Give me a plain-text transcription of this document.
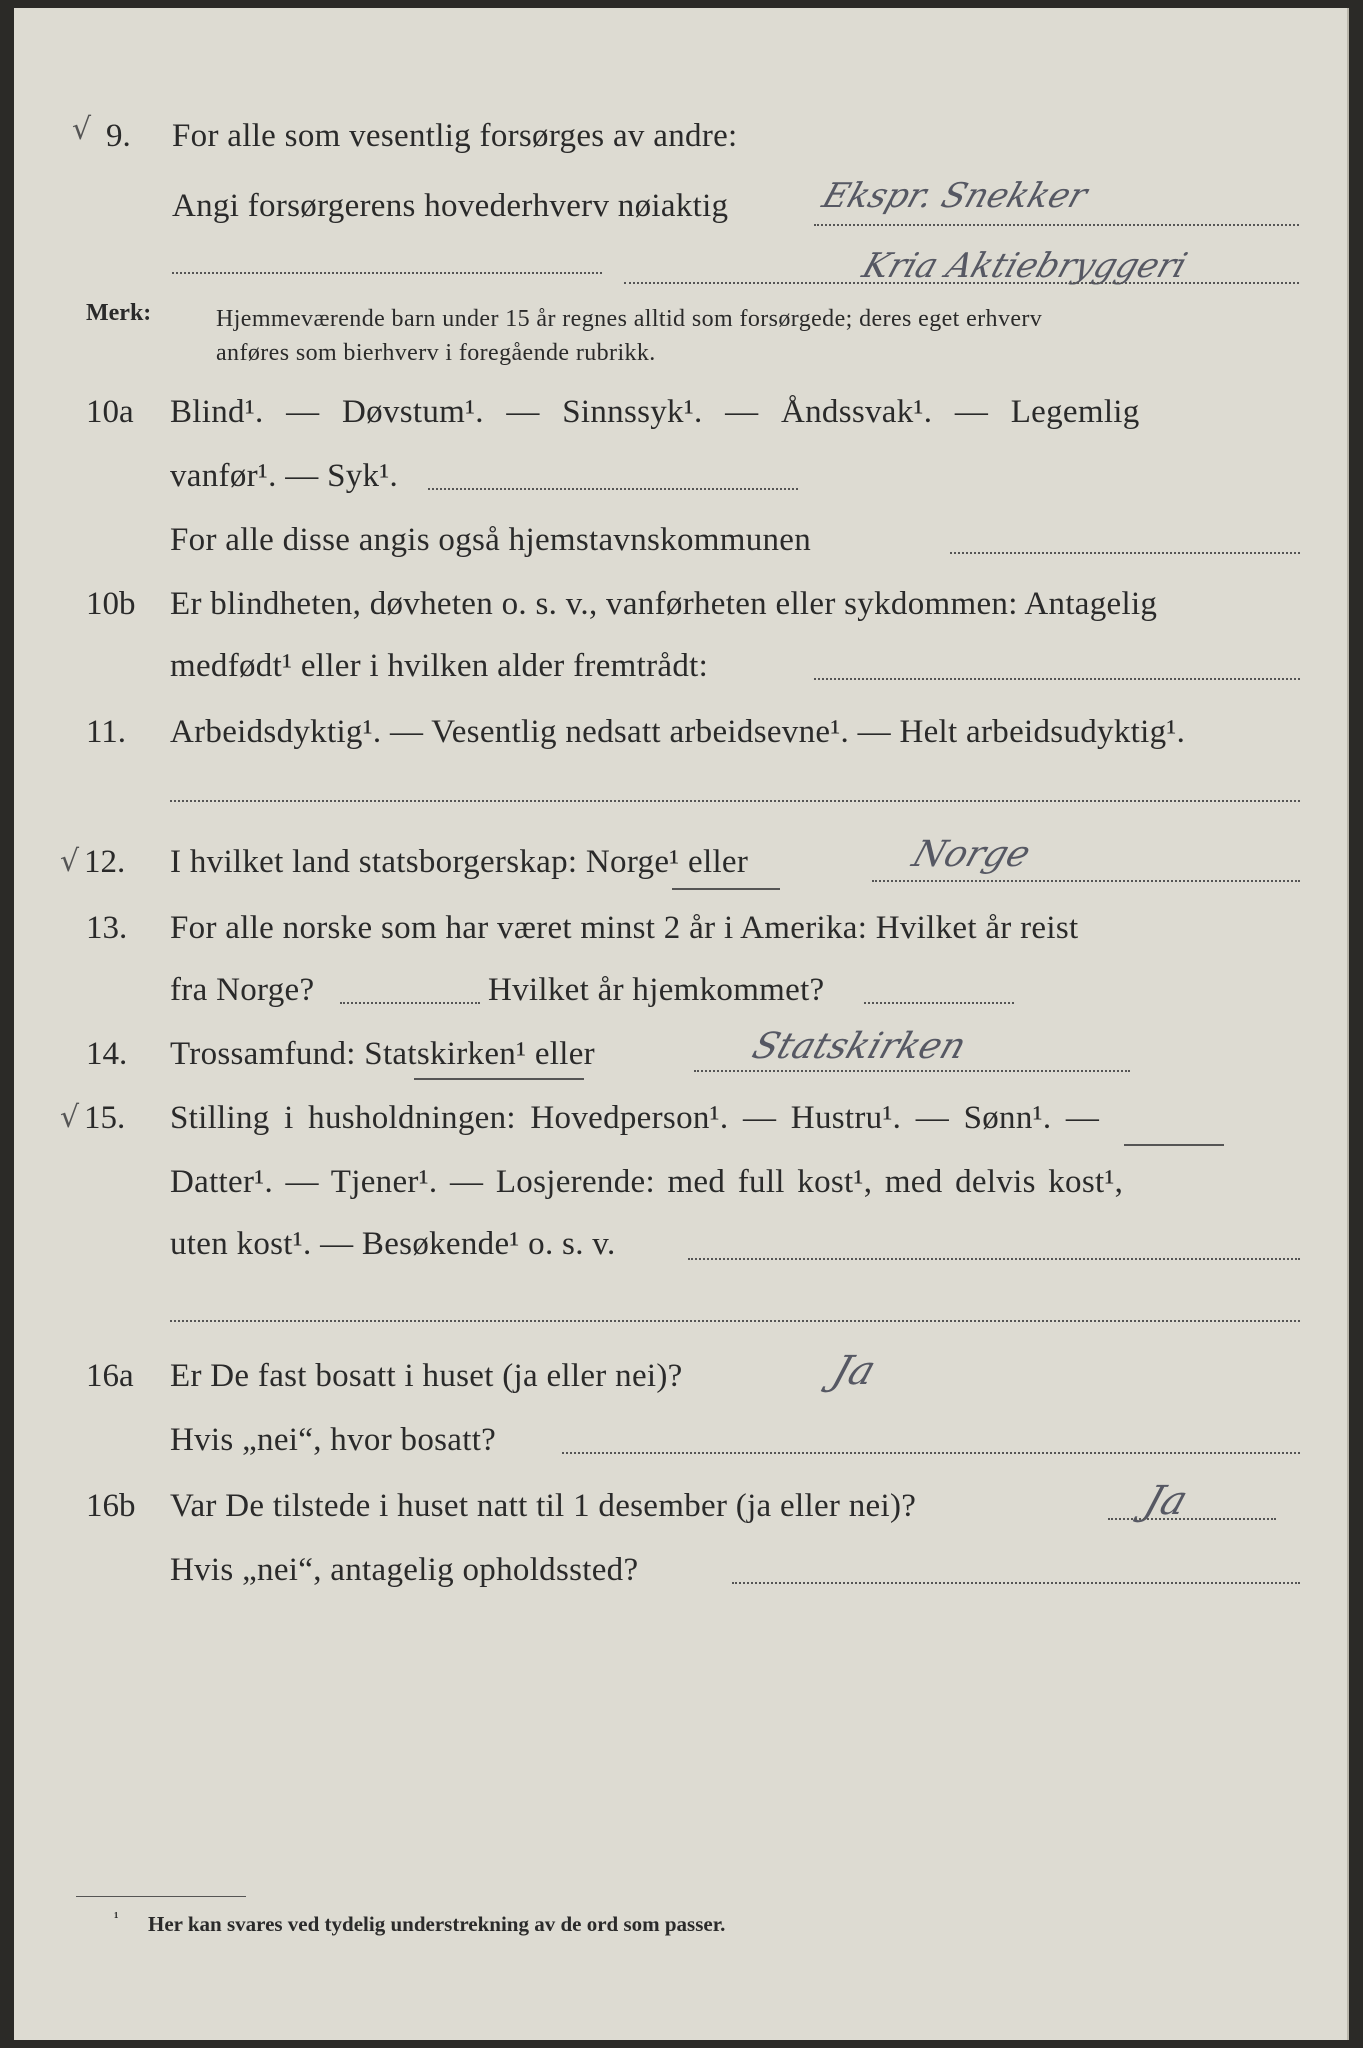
√ 9. For alle som vesentlig forsørges av andre:
Angi forsørgerens hovederhverv nøiaktig	Ekspr. Snekker
Kria Aktiebryggeri
Merk:	Hjemmeværende barn under 15 år regnes alltid som forsørgede; deres eget erhverv
anføres som bierhverv i foregående rubrikk.
10a Blind¹. — Døvstum¹. — Sinnssyk¹. — Åndssvak¹. — Legemlig
vanfør¹. — Syk¹.
For alle disse angis også hjemstavnskommunen
10b Er blindheten, døvheten o. s. v., vanførheten eller sykdommen: Antagelig
medfødt¹ eller i hvilken alder fremtrådt:
11. Arbeidsdyktig¹. — Vesentlig nedsatt arbeidsevne¹. — Helt arbeidsudyktig¹.
√ 12. I hvilket land statsborgerskap: Norge¹ eller	Norge
13. For alle norske som har været minst 2 år i Amerika: Hvilket år reist
fra Norge?	Hvilket år hjemkommet?
14. Trossamfund: Statskirken¹ eller	Statskirken
√ 15. Stilling i husholdningen: Hovedperson¹. — Hustru¹. — Sønn¹. —
Datter¹. — Tjener¹. — Losjerende: med full kost¹, med delvis kost¹,
uten kost¹. — Besøkende¹ o. s. v.
16a Er De fast bosatt i huset (ja eller nei)?	Ja
Hvis „nei“, hvor bosatt?
16b Var De tilstede i huset natt til 1 desember (ja eller nei)?	Ja
Hvis „nei“, antagelig opholdssted?
¹ Her kan svares ved tydelig understrekning av de ord som passer.
